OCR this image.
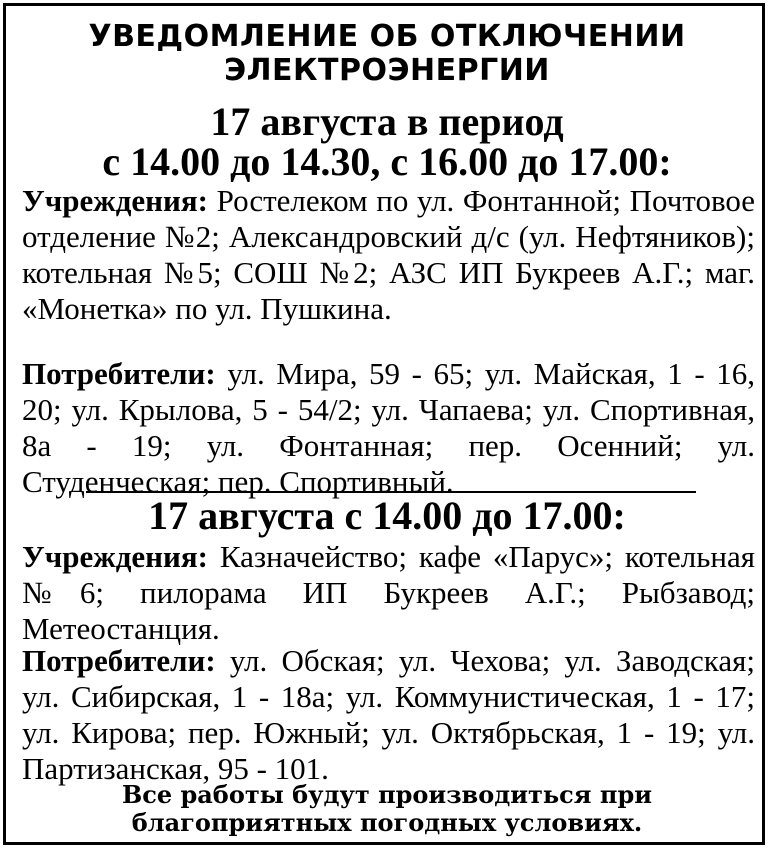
УВЕДОМЛЕНИЕ ОБ ОТКЛЮЧЕНИИ
ЭЛЕКТРОЭНЕРГИИ
17 августа в период
с 14.00 до 14.30, с 16.00 до 17.00:
Учреждения: Ростелеком по ул. Фонтанной; Почтовое отделение №2; Александровский д/с (ул. Нефтяников); котельная №5; СОШ №2; АЗС ИП Букреев А.Г.; маг. «Монетка» по ул. Пушкина.
Потребители: ул. Мира, 59 - 65; ул. Майская, 1 - 16, 20; ул. Крылова, 5 - 54/2; ул. Чапаева; ул. Спортивная, 8а - 19; ул. Фонтанная; пер. Осенний; ул. Студенческая; пер. Спортивный.
17 августа с 14.00 до 17.00:
Учреждения: Казначейство; кафе «Парус»; котельная №6; пилорама ИП Букреев А.Г.; Рыбзавод; Метеостанция.
Потребители: ул. Обская; ул. Чехова; ул. Заводская; ул. Сибирская, 1 - 18а; ул. Коммунистическая, 1 - 17; ул. Кирова; пер. Южный; ул. Октябрьская, 1 - 19; ул. Партизанская, 95 - 101.
Все работы будут производиться при
благоприятных погодных условиях.
